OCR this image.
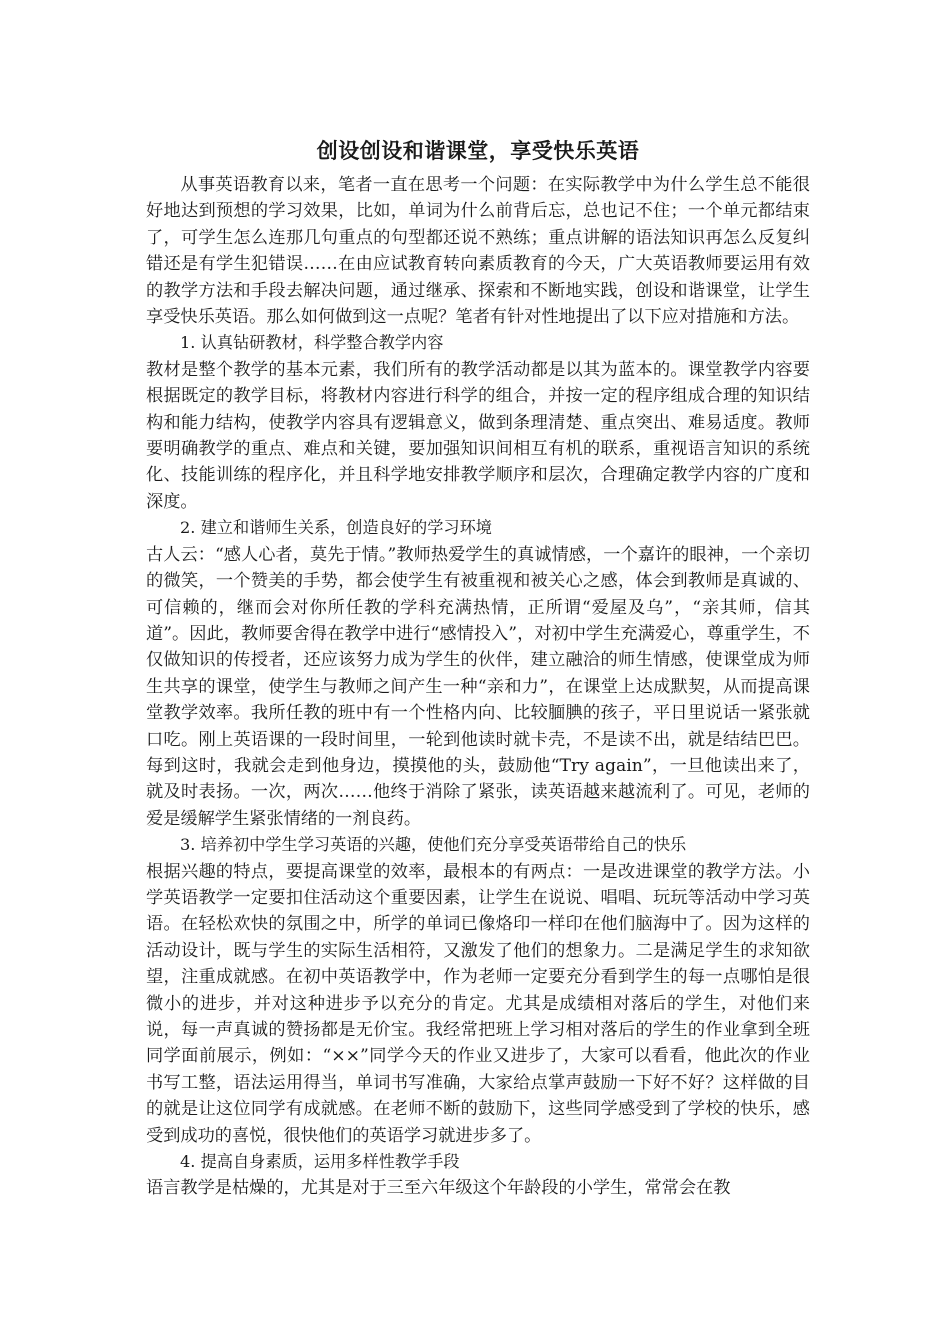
创设创设和谐课堂，享受快乐英语

从事英语教育以来，笔者一直在思考一个问题：在实际教学中为什么学生总不能很好地达到预想的学习效果，比如，单词为什么前背后忘，总也记不住；一个单元都结束了，可学生怎么连那几句重点的句型都还说不熟练；重点讲解的语法知识再怎么反复纠错还是有学生犯错误……在由应试教育转向素质教育的今天，广大英语教师要运用有效的教学方法和手段去解决问题，通过继承、探索和不断地实践，创设和谐课堂，让学生享受快乐英语。那么如何做到这一点呢？笔者有针对性地提出了以下应对措施和方法。

1. 认真钻研教材，科学整合教学内容

教材是整个教学的基本元素，我们所有的教学活动都是以其为蓝本的。课堂教学内容要根据既定的教学目标，将教材内容进行科学的组合，并按一定的程序组成合理的知识结构和能力结构，使教学内容具有逻辑意义，做到条理清楚、重点突出、难易适度。教师要明确教学的重点、难点和关键，要加强知识间相互有机的联系，重视语言知识的系统化、技能训练的程序化，并且科学地安排教学顺序和层次，合理确定教学内容的广度和深度。

2. 建立和谐师生关系，创造良好的学习环境

古人云：“感人心者，莫先于情。”教师热爱学生的真诚情感，一个嘉许的眼神，一个亲切的微笑，一个赞美的手势，都会使学生有被重视和被关心之感，体会到教师是真诚的、可信赖的，继而会对你所任教的学科充满热情，正所谓“爱屋及乌”，“亲其师，信其道”。因此，教师要舍得在教学中进行“感情投入”，对初中学生充满爱心，尊重学生，不仅做知识的传授者，还应该努力成为学生的伙伴，建立融洽的师生情感，使课堂成为师生共享的课堂，使学生与教师之间产生一种“亲和力”，在课堂上达成默契，从而提高课堂教学效率。我所任教的班中有一个性格内向、比较腼腆的孩子，平日里说话一紧张就口吃。刚上英语课的一段时间里，一轮到他读时就卡壳，不是读不出，就是结结巴巴。每到这时，我就会走到他身边，摸摸他的头，鼓励他“Try again”，一旦他读出来了，就及时表扬。一次，两次……他终于消除了紧张，读英语越来越流利了。可见，老师的爱是缓解学生紧张情绪的一剂良药。

3. 培养初中学生学习英语的兴趣，使他们充分享受英语带给自己的快乐

根据兴趣的特点，要提高课堂的效率，最根本的有两点：一是改进课堂的教学方法。小学英语教学一定要扣住活动这个重要因素，让学生在说说、唱唱、玩玩等活动中学习英语。在轻松欢快的氛围之中，所学的单词已像烙印一样印在他们脑海中了。因为这样的活动设计，既与学生的实际生活相符，又激发了他们的想象力。二是满足学生的求知欲望，注重成就感。在初中英语教学中，作为老师一定要充分看到学生的每一点哪怕是很微小的进步，并对这种进步予以充分的肯定。尤其是成绩相对落后的学生，对他们来说，每一声真诚的赞扬都是无价宝。我经常把班上学习相对落后的学生的作业拿到全班同学面前展示，例如：“××”同学今天的作业又进步了，大家可以看看，他此次的作业书写工整，语法运用得当，单词书写准确，大家给点掌声鼓励一下好不好？这样做的目的就是让这位同学有成就感。在老师不断的鼓励下，这些同学感受到了学校的快乐，感受到成功的喜悦，很快他们的英语学习就进步多了。

4. 提高自身素质，运用多样性教学手段

语言教学是枯燥的，尤其是对于三至六年级这个年龄段的小学生，常常会在教
